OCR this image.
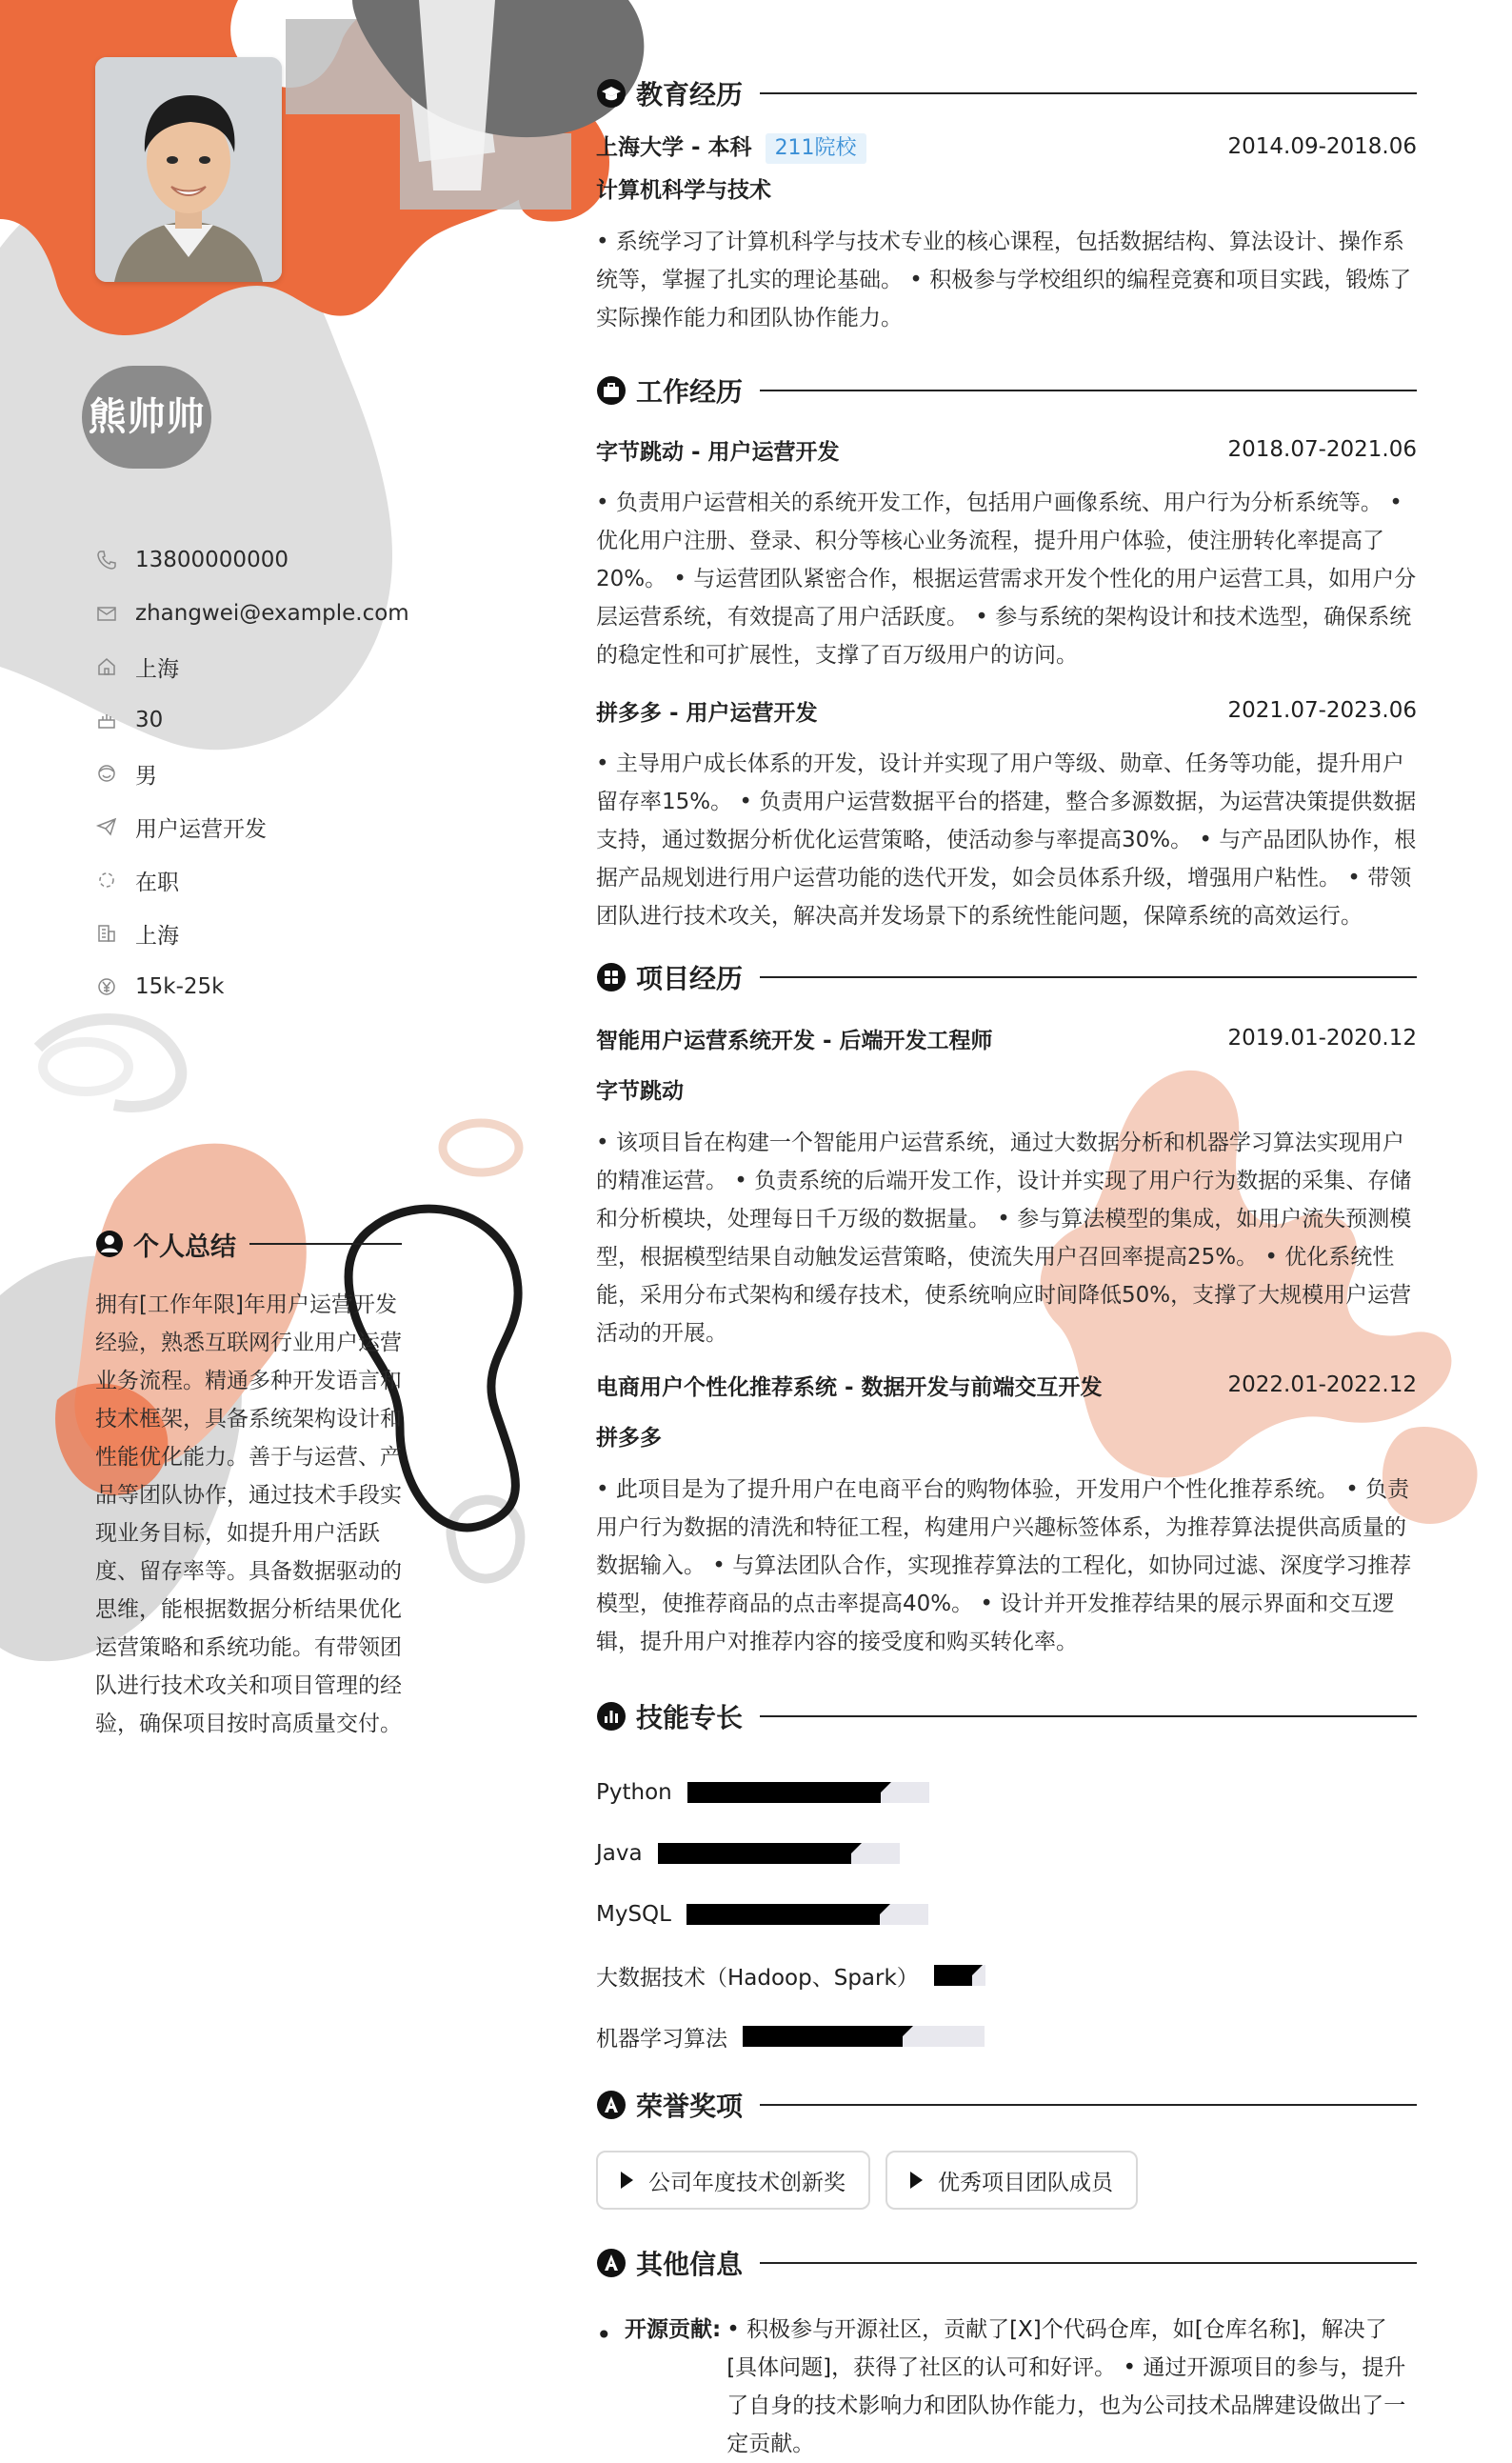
熊帅帅
13800000000
zhangwei@example.com
上海
30
男
用户运营开发
在职
上海
15k-25k
个人总结
拥有[工作年限]年用户运营开发经验，熟悉互联网行业用户运营业务流程。精通多种开发语言和技术框架，具备系统架构设计和性能优化能力。善于与运营、产品等团队协作，通过技术手段实现业务目标，如提升用户活跃度、留存率等。具备数据驱动的思维，能根据数据分析结果优化运营策略和系统功能。有带领团队进行技术攻关和项目管理的经验，确保项目按时高质量交付。
教育经历
上海大学 - 本科 211院校	2014.09-2018.06
计算机科学与技术
• 系统学习了计算机科学与技术专业的核心课程，包括数据结构、算法设计、操作系统等，掌握了扎实的理论基础。 • 积极参与学校组织的编程竞赛和项目实践，锻炼了实际操作能力和团队协作能力。
工作经历
字节跳动 - 用户运营开发	2018.07-2021.06
• 负责用户运营相关的系统开发工作，包括用户画像系统、用户行为分析系统等。 • 优化用户注册、登录、积分等核心业务流程，提升用户体验，使注册转化率提高了20%。 • 与运营团队紧密合作，根据运营需求开发个性化的用户运营工具，如用户分层运营系统，有效提高了用户活跃度。 • 参与系统的架构设计和技术选型，确保系统的稳定性和可扩展性，支撑了百万级用户的访问。
拼多多 - 用户运营开发	2021.07-2023.06
• 主导用户成长体系的开发，设计并实现了用户等级、勋章、任务等功能，提升用户留存率15%。 • 负责用户运营数据平台的搭建，整合多源数据，为运营决策提供数据支持，通过数据分析优化运营策略，使活动参与率提高30%。 • 与产品团队协作，根据产品规划进行用户运营功能的迭代开发，如会员体系升级，增强用户粘性。 • 带领团队进行技术攻关，解决高并发场景下的系统性能问题，保障系统的高效运行。
项目经历
智能用户运营系统开发 - 后端开发工程师	2019.01-2020.12
字节跳动
• 该项目旨在构建一个智能用户运营系统，通过大数据分析和机器学习算法实现用户的精准运营。 • 负责系统的后端开发工作，设计并实现了用户行为数据的采集、存储和分析模块，处理每日千万级的数据量。 • 参与算法模型的集成，如用户流失预测模型，根据模型结果自动触发运营策略，使流失用户召回率提高25%。 • 优化系统性能，采用分布式架构和缓存技术，使系统响应时间降低50%，支撑了大规模用户运营活动的开展。
电商用户个性化推荐系统 - 数据开发与前端交互开发	2022.01-2022.12
拼多多
• 此项目是为了提升用户在电商平台的购物体验，开发用户个性化推荐系统。 • 负责用户行为数据的清洗和特征工程，构建用户兴趣标签体系，为推荐算法提供高质量的数据输入。 • 与算法团队合作，实现推荐算法的工程化，如协同过滤、深度学习推荐模型，使推荐商品的点击率提高40%。 • 设计并开发推荐结果的展示界面和交互逻辑，提升用户对推荐内容的接受度和购买转化率。
技能专长
Python
Java
MySQL
大数据技术（Hadoop、Spark）
机器学习算法
荣誉奖项
公司年度技术创新奖	优秀项目团队成员
其他信息
• 开源贡献: • 积极参与开源社区，贡献了[X]个代码仓库，如[仓库名称]，解决了[具体问题]，获得了社区的认可和好评。 • 通过开源项目的参与，提升了自身的技术影响力和团队协作能力，也为公司技术品牌建设做出了一定贡献。
